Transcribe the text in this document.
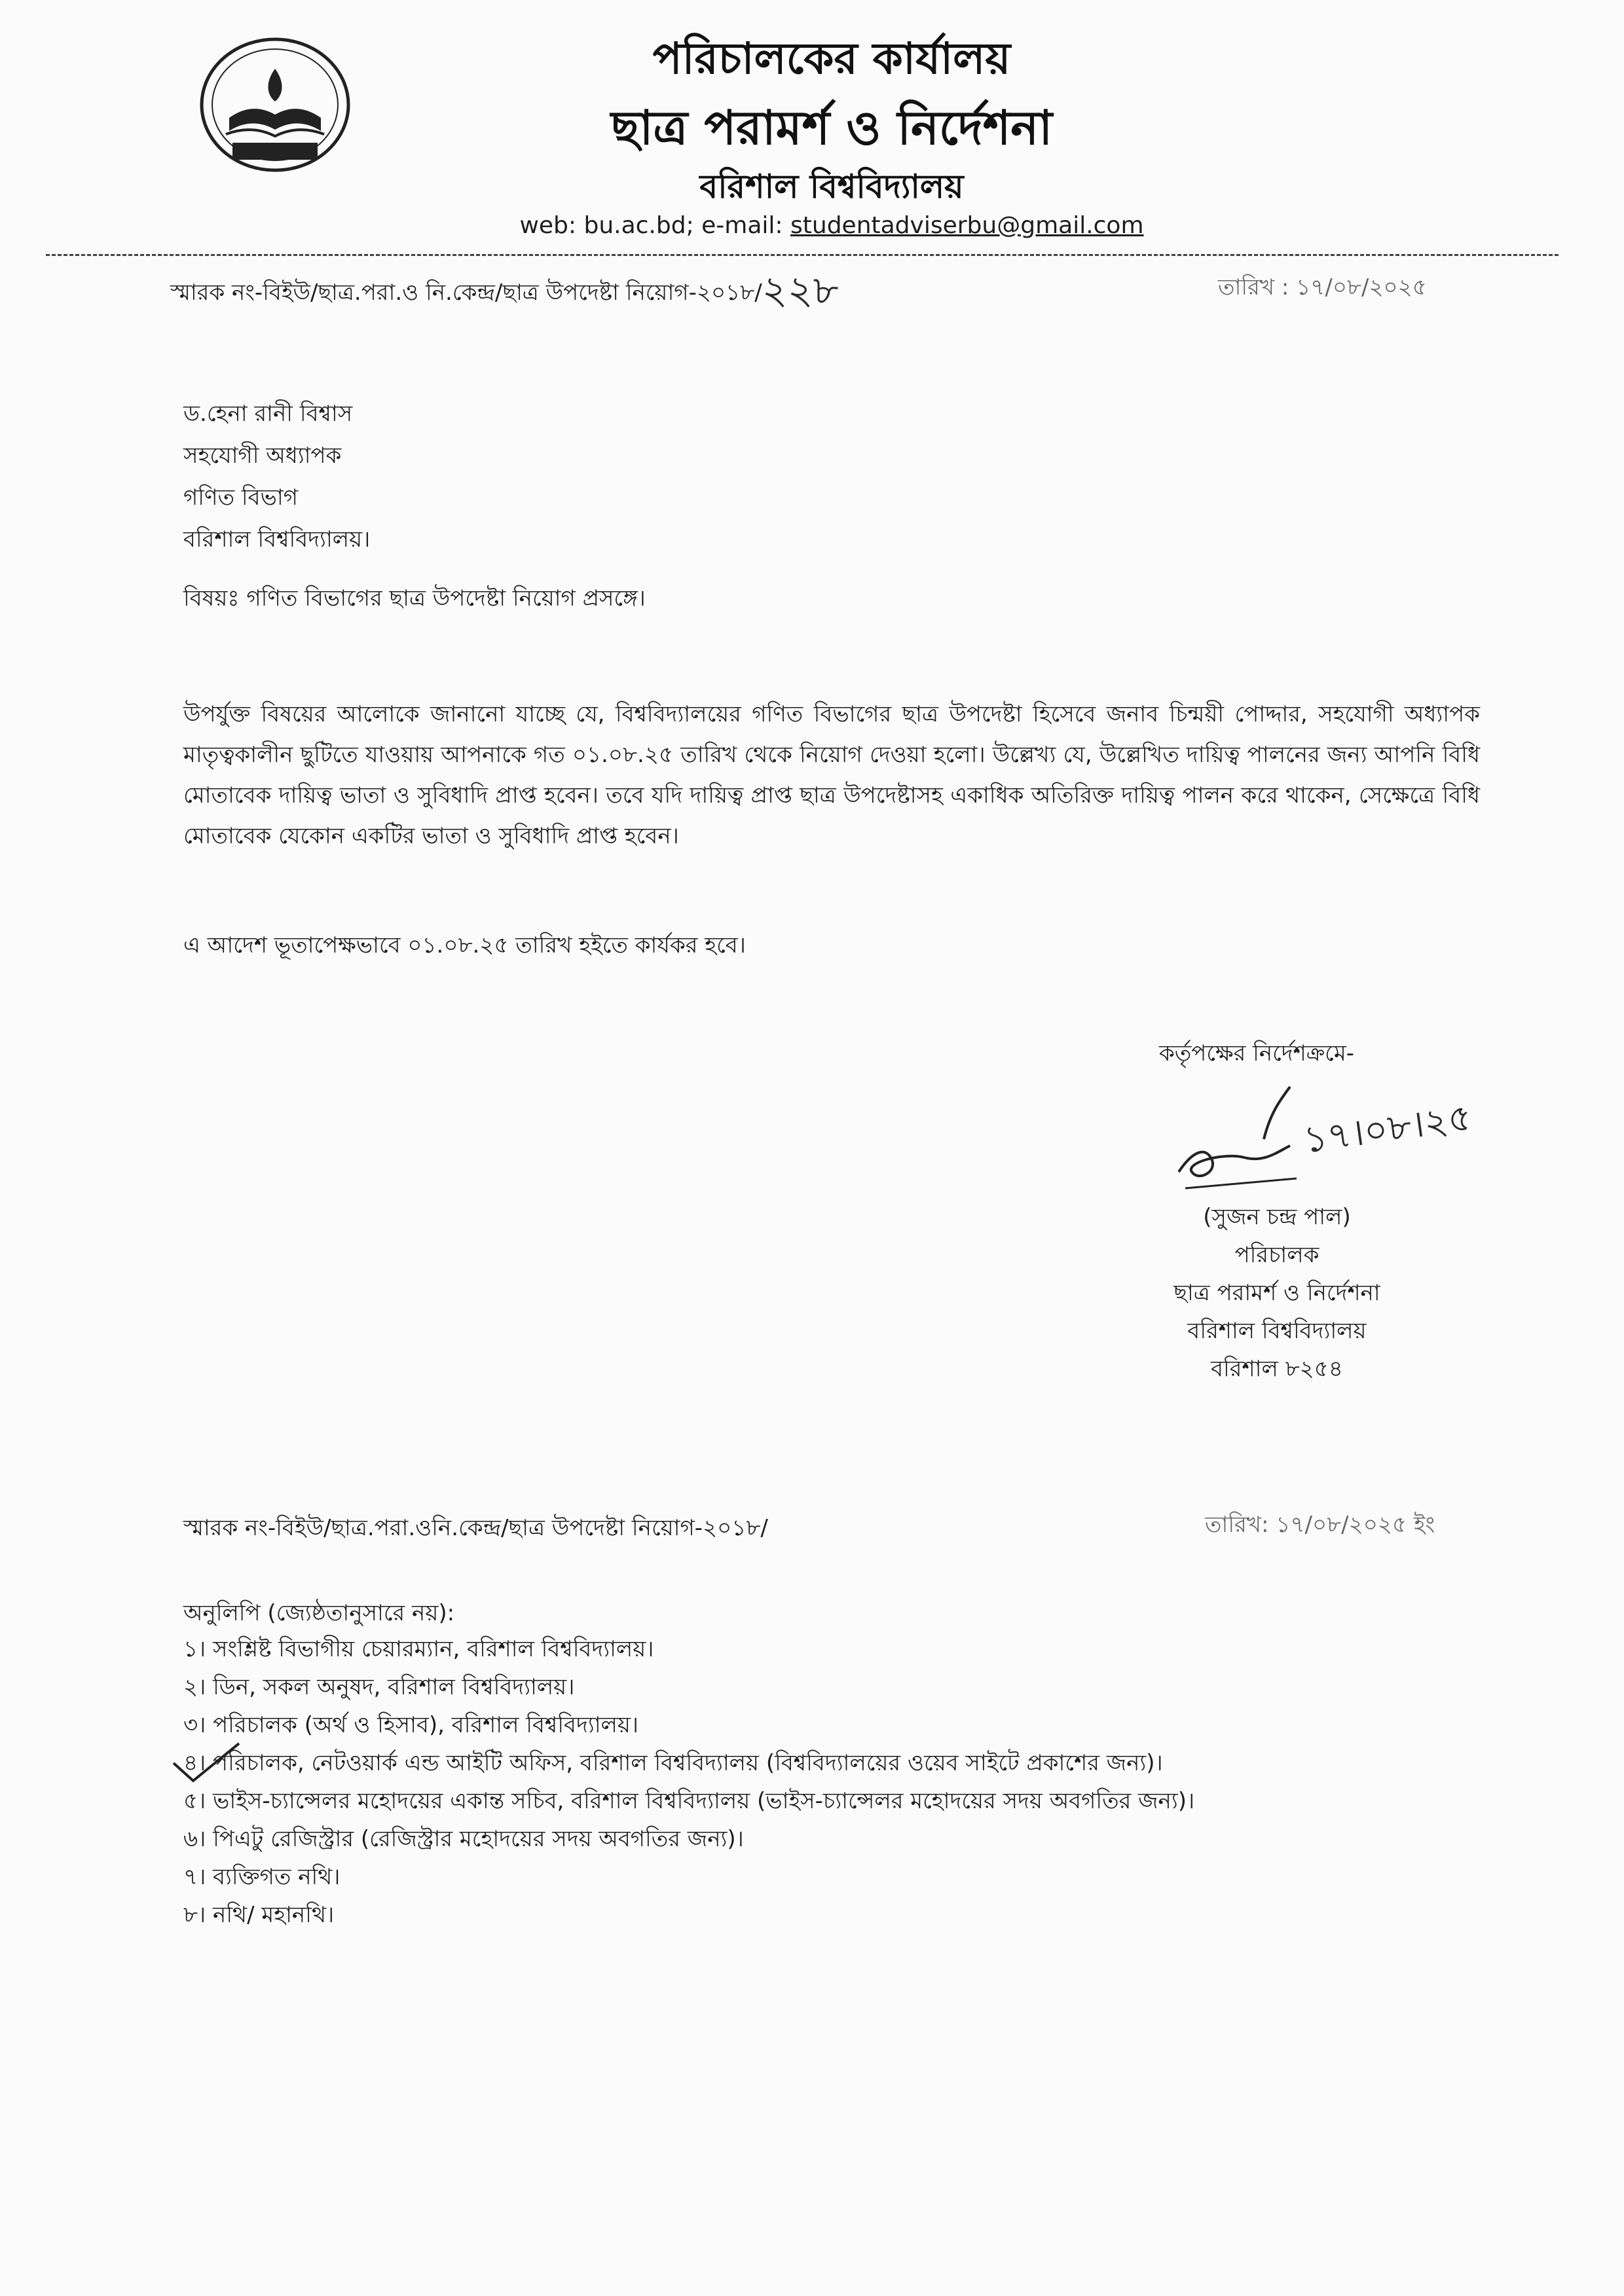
পরিচালকের কার্যালয়
ছাত্র পরামর্শ ও নির্দেশনা
বরিশাল বিশ্ববিদ্যালয়
web: bu.ac.bd; e-mail: studentadviserbu@gmail.com
স্মারক নং-বিইউ/ছাত্র.পরা.ও নি.কেন্দ্র/ছাত্র উপদেষ্টা নিয়োগ-২০১৮/২২৮	তারিখ : ১৭/০৮/২০২৫
ড.হেনা রানী বিশ্বাস
সহযোগী অধ্যাপক
গণিত বিভাগ
বরিশাল বিশ্ববিদ্যালয়।
বিষয়ঃ গণিত বিভাগের ছাত্র উপদেষ্টা নিয়োগ প্রসঙ্গে।
উপর্যুক্ত বিষয়ের আলোকে জানানো যাচ্ছে যে, বিশ্ববিদ্যালয়ের গণিত বিভাগের ছাত্র উপদেষ্টা হিসেবে জনাব চিন্ময়ী পোদ্দার, সহযোগী অধ্যাপক মাতৃত্বকালীন ছুটিতে যাওয়ায় আপনাকে গত ০১.০৮.২৫ তারিখ থেকে নিয়োগ দেওয়া হলো। উল্লেখ্য যে, উল্লেখিত দায়িত্ব পালনের জন্য আপনি বিধি মোতাবেক দায়িত্ব ভাতা ও সুবিধাদি প্রাপ্ত হবেন। তবে যদি দায়িত্ব প্রাপ্ত ছাত্র উপদেষ্টাসহ একাধিক অতিরিক্ত দায়িত্ব পালন করে থাকেন, সেক্ষেত্রে বিধি মোতাবেক যেকোন একটির ভাতা ও সুবিধাদি প্রাপ্ত হবেন।
এ আদেশ ভূতাপেক্ষভাবে ০১.০৮.২৫ তারিখ হইতে কার্যকর হবে।
কর্তৃপক্ষের নির্দেশক্রমে-
১৭।০৮।২৫
(সুজন চন্দ্র পাল)
পরিচালক
ছাত্র পরামর্শ ও নির্দেশনা
বরিশাল বিশ্ববিদ্যালয়
বরিশাল ৮২৫৪
স্মারক নং-বিইউ/ছাত্র.পরা.ওনি.কেন্দ্র/ছাত্র উপদেষ্টা নিয়োগ-২০১৮/	তারিখ: ১৭/০৮/২০২৫ ইং
অনুলিপি (জ্যেষ্ঠতানুসারে নয়):
১। সংশ্লিষ্ট বিভাগীয় চেয়ারম্যান, বরিশাল বিশ্ববিদ্যালয়।
২। ডিন, সকল অনুষদ, বরিশাল বিশ্ববিদ্যালয়।
৩। পরিচালক (অর্থ ও হিসাব), বরিশাল বিশ্ববিদ্যালয়।
৪। পরিচালক, নেটওয়ার্ক এন্ড আইটি অফিস, বরিশাল বিশ্ববিদ্যালয় (বিশ্ববিদ্যালয়ের ওয়েব সাইটে প্রকাশের জন্য)।
৫। ভাইস-চ্যান্সেলর মহোদয়ের একান্ত সচিব, বরিশাল বিশ্ববিদ্যালয় (ভাইস-চ্যান্সেলর মহোদয়ের সদয় অবগতির জন্য)।
৬। পিএটু রেজিস্ট্রার (রেজিস্ট্রার মহোদয়ের সদয় অবগতির জন্য)।
৭। ব্যক্তিগত নথি।
৮। নথি/ মহানথি।
